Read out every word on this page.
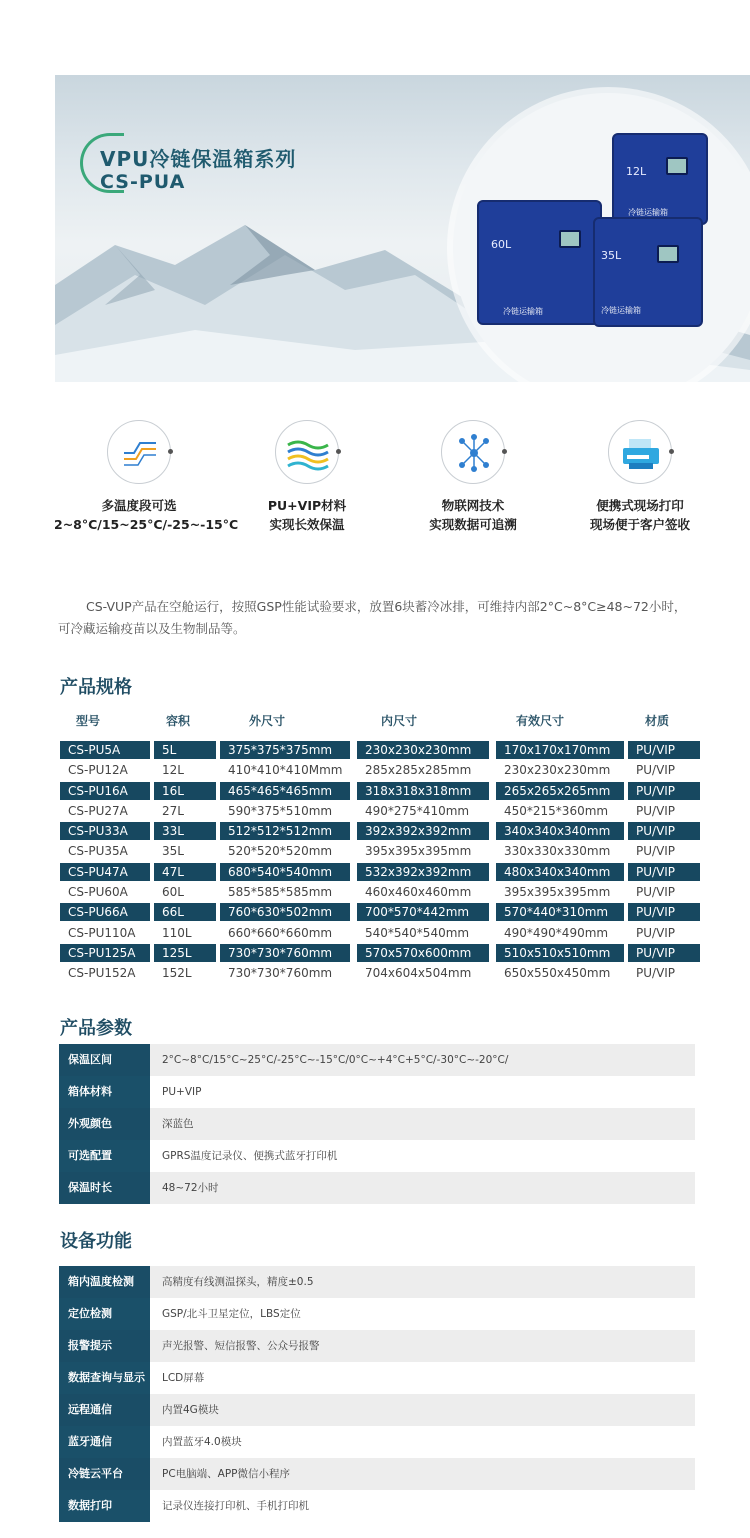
VPU冷链保温箱系列
CS-PUA	12L
冷链运输箱
60L
冷链运输箱
35L
冷链运输箱
多温度段可选
2~8°C/15~25°C/-25~-15°C
PU+VIP材料
实现长效保温
物联网技术
实现数据可追溯
便携式现场打印
现场便于客户签收

CS-VUP产品在空舱运行，按照GSP性能试验要求，放置6块蓄冷冰排，可维持内部2°C~8°C≥48~72小时，可冷藏运输疫苗以及生物制品等。

产品规格
型号	容积	外尺寸	内尺寸	有效尺寸	材质
CS-PU5A	5L	375*375*375mm	230x230x230mm	170x170x170mm	PU/VIP
CS-PU12A	12L	410*410*410Mmm	285x285x285mm	230x230x230mm	PU/VIP
CS-PU16A	16L	465*465*465mm	318x318x318mm	265x265x265mm	PU/VIP
CS-PU27A	27L	590*375*510mm	490*275*410mm	450*215*360mm	PU/VIP
CS-PU33A	33L	512*512*512mm	392x392x392mm	340x340x340mm	PU/VIP
CS-PU35A	35L	520*520*520mm	395x395x395mm	330x330x330mm	PU/VIP
CS-PU47A	47L	680*540*540mm	532x392x392mm	480x340x340mm	PU/VIP
CS-PU60A	60L	585*585*585mm	460x460x460mm	395x395x395mm	PU/VIP
CS-PU66A	66L	760*630*502mm	700*570*442mm	570*440*310mm	PU/VIP
CS-PU110A	110L	660*660*660mm	540*540*540mm	490*490*490mm	PU/VIP
CS-PU125A	125L	730*730*760mm	570x570x600mm	510x510x510mm	PU/VIP
CS-PU152A	152L	730*730*760mm	704x604x504mm	650x550x450mm	PU/VIP
产品参数
保温区间	2°C~8°C/15°C~25°C/-25°C~-15°C/0°C~+4°C+5°C/-30°C~-20°C/
箱体材料	PU+VIP
外观颜色	深蓝色
可选配置	GPRS温度记录仪、便携式蓝牙打印机
保温时长	48~72小时
设备功能
箱内温度检测	高精度有线测温探头，精度±0.5
定位检测	GSP/北斗卫星定位，LBS定位
报警提示	声光报警、短信报警、公众号报警
数据查询与显示	LCD屏幕
远程通信	内置4G模块
蓝牙通信	内置蓝牙4.0模块
冷链云平台	PC电脑端、APP微信小程序
数据打印	记录仪连接打印机、手机打印机
